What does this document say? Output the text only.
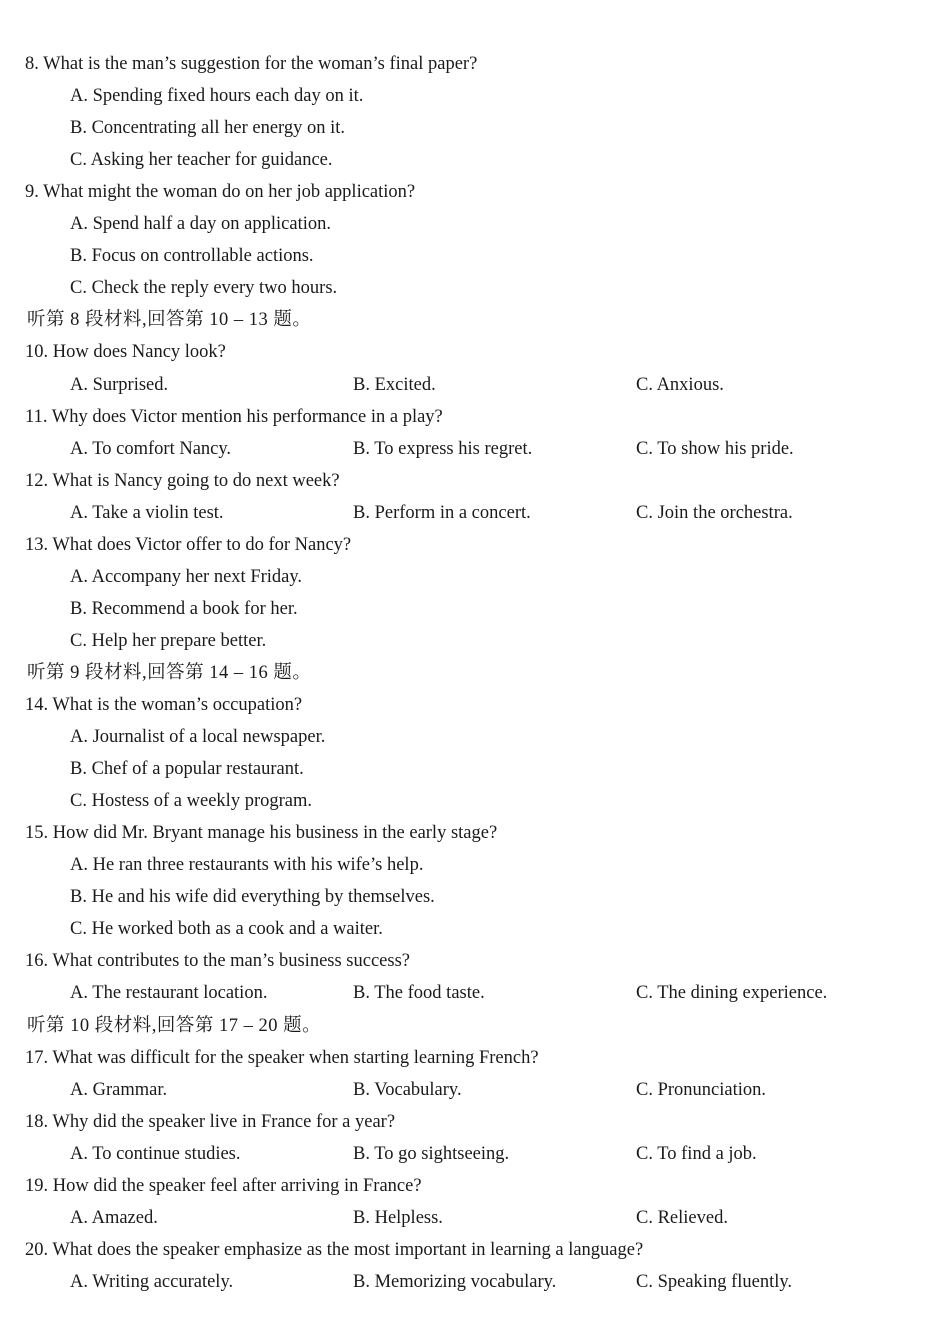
8. What is the man’s suggestion for the woman’s final paper?
A. Spending fixed hours each day on it.
B. Concentrating all her energy on it.
C. Asking her teacher for guidance.
9. What might the woman do on her job application?
A. Spend half a day on application.
B. Focus on controllable actions.
C. Check the reply every two hours.
听第 8 段材料,回答第 10 – 13 题。
10. How does Nancy look?
A. Surprised.	B. Excited.	C. Anxious.
11. Why does Victor mention his performance in a play?
A. To comfort Nancy.	B. To express his regret.	C. To show his pride.
12. What is Nancy going to do next week?
A. Take a violin test.	B. Perform in a concert.	C. Join the orchestra.
13. What does Victor offer to do for Nancy?
A. Accompany her next Friday.
B. Recommend a book for her.
C. Help her prepare better.
听第 9 段材料,回答第 14 – 16 题。
14. What is the woman’s occupation?
A. Journalist of a local newspaper.
B. Chef of a popular restaurant.
C. Hostess of a weekly program.
15. How did Mr. Bryant manage his business in the early stage?
A. He ran three restaurants with his wife’s help.
B. He and his wife did everything by themselves.
C. He worked both as a cook and a waiter.
16. What contributes to the man’s business success?
A. The restaurant location.	B. The food taste.	C. The dining experience.
听第 10 段材料,回答第 17 – 20 题。
17. What was difficult for the speaker when starting learning French?
A. Grammar.	B. Vocabulary.	C. Pronunciation.
18. Why did the speaker live in France for a year?
A. To continue studies.	B. To go sightseeing.	C. To find a job.
19. How did the speaker feel after arriving in France?
A. Amazed.	B. Helpless.	C. Relieved.
20. What does the speaker emphasize as the most important in learning a language?
A. Writing accurately.	B. Memorizing vocabulary.	C. Speaking fluently.
